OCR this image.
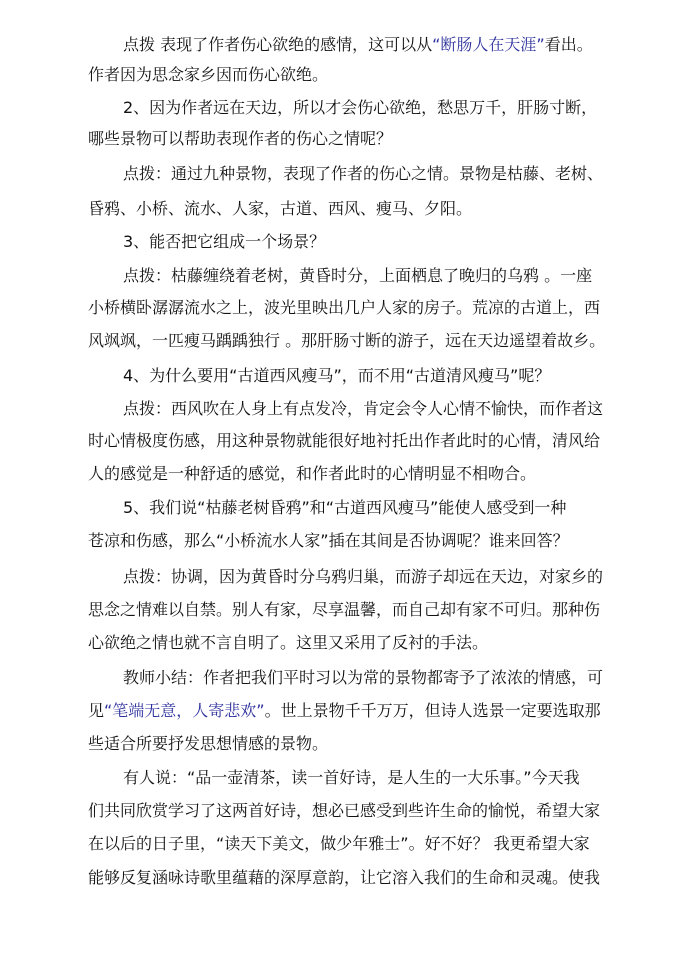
点拨 表现了作者伤心欲绝的感情，这可以从“断肠人在天涯”看出。
作者因为思念家乡因而伤心欲绝。
2、因为作者远在天边，所以才会伤心欲绝，愁思万千，肝肠寸断，
哪些景物可以帮助表现作者的伤心之情呢？
点拨：通过九种景物，表现了作者的伤心之情。景物是枯藤、老树、
昏鸦、小桥、流水、人家，古道、西风、瘦马、夕阳。
3、能否把它组成一个场景？
点拨：枯藤缠绕着老树，黄昏时分，上面栖息了晚归的乌鸦 。一座
小桥横卧潺潺流水之上，波光里映出几户人家的房子。荒凉的古道上，西
风飒飒，一匹瘦马踽踽独行 。那肝肠寸断的游子，远在天边遥望着故乡。
4、为什么要用“古道西风瘦马”，而不用“古道清风瘦马”呢？
点拨：西风吹在人身上有点发冷，肯定会令人心情不愉快，而作者这
时心情极度伤感，用这种景物就能很好地衬托出作者此时的心情，清风给
人的感觉是一种舒适的感觉，和作者此时的心情明显不相吻合。
5、我们说“枯藤老树昏鸦”和“古道西风瘦马”能使人感受到一种
苍凉和伤感，那么“小桥流水人家”插在其间是否协调呢？谁来回答？
点拨：协调，因为黄昏时分乌鸦归巢，而游子却远在天边，对家乡的
思念之情难以自禁。别人有家，尽享温馨，而自己却有家不可归。那种伤
心欲绝之情也就不言自明了。这里又采用了反衬的手法。
教师小结：作者把我们平时习以为常的景物都寄予了浓浓的情感，可
见“笔端无意，人寄悲欢”。世上景物千千万万，但诗人选景一定要选取那
些适合所要抒发思想情感的景物。
有人说：“品一壶清茶，读一首好诗，是人生的一大乐事。”今天我
们共同欣赏学习了这两首好诗，想必已感受到些许生命的愉悦，希望大家
在以后的日子里，“读天下美文，做少年雅士”。好不好？ 我更希望大家
能够反复涵咏诗歌里蕴藉的深厚意韵，让它溶入我们的生命和灵魂。使我
